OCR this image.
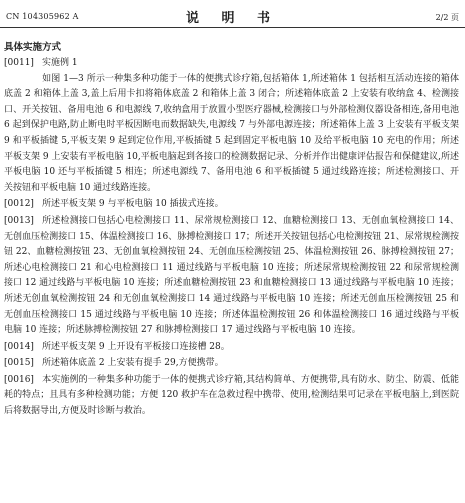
CN 104305962 A	说 明 书	2/2 页
具体实施方式

[0011] 实施例 1

如图 1—3 所示一种集多种功能于一体的便携式诊疗箱,包括箱体 1,所述箱体 1 包括相互活动连接的箱体底盖 2 和箱体上盖 3,盖上后用卡扣将箱体底盖 2 和箱体上盖 3 闭合；所述箱体底盖 2 上安装有收纳盒 4、检测接口、开关按钮、备用电池 6 和电源线 7,收纳盒用于放置小型医疗器械,检测接口与外部检测仪器设备相连,备用电池 6 起到保护电路,防止断电时平板因断电而数据缺失,电源线 7 与外部电源连接；所述箱体上盖 3 上安装有平板支架 9 和平板插键 5,平板支架 9 起到定位作用,平板插键 5 起到固定平板电脑 10 及给平板电脑 10 充电的作用；所述平板支架 9 上安装有平板电脑 10,平板电脑起到各接口的检测数据记录、分析并作出健康评估报告和保健建议,所述平板电脑 10 还与平板插键 5 相连；所述电源线 7、备用电池 6 和平板插键 5 通过线路连接；所述检测接口、开关按钮和平板电脑 10 通过线路连接。

[0012] 所述平板支架 9 与平板电脑 10 插拔式连接。

[0013] 所述检测接口包括心电检测接口 11、尿常规检测接口 12、血糖检测接口 13、无创血氧检测接口 14、无创血压检测接口 15、体温检测接口 16、脉搏检测接口 17；所述开关按钮包括心电检测按钮 21、尿常规检测按钮 22、血糖检测按钮 23、无创血氧检测按钮 24、无创血压检测按钮 25、体温检测按钮 26、脉搏检测按钮 27；所述心电检测接口 21 和心电检测接口 11 通过线路与平板电脑 10 连接；所述尿常规检测按钮 22 和尿常规检测接口 12 通过线路与平板电脑 10 连接；所述血糖检测按钮 23 和血糖检测接口 13 通过线路与平板电脑 10 连接；所述无创血氧检测按钮 24 和无创血氧检测接口 14 通过线路与平板电脑 10 连接；所述无创血压检测按钮 25 和无创血压检测接口 15 通过线路与平板电脑 10 连接；所述体温检测按钮 26 和体温检测接口 16 通过线路与平板电脑 10 连接；所述脉搏检测按钮 27 和脉搏检测接口 17 通过线路与平板电脑 10 连接。

[0014] 所述平板支架 9 上开设有平板接口连接槽 28。

[0015] 所述箱体底盖 2 上安装有提手 29,方便携带。

[0016] 本实施例的一种集多种功能于一体的便携式诊疗箱,其结构简单、方便携带,具有防水、防尘、防震、低能耗的特点；且具有多种检测功能；方便 120 救护车在急救过程中携带、使用,检测结果可记录在平板电脑上,到医院后将数据导出,方便及时诊断与救治。
